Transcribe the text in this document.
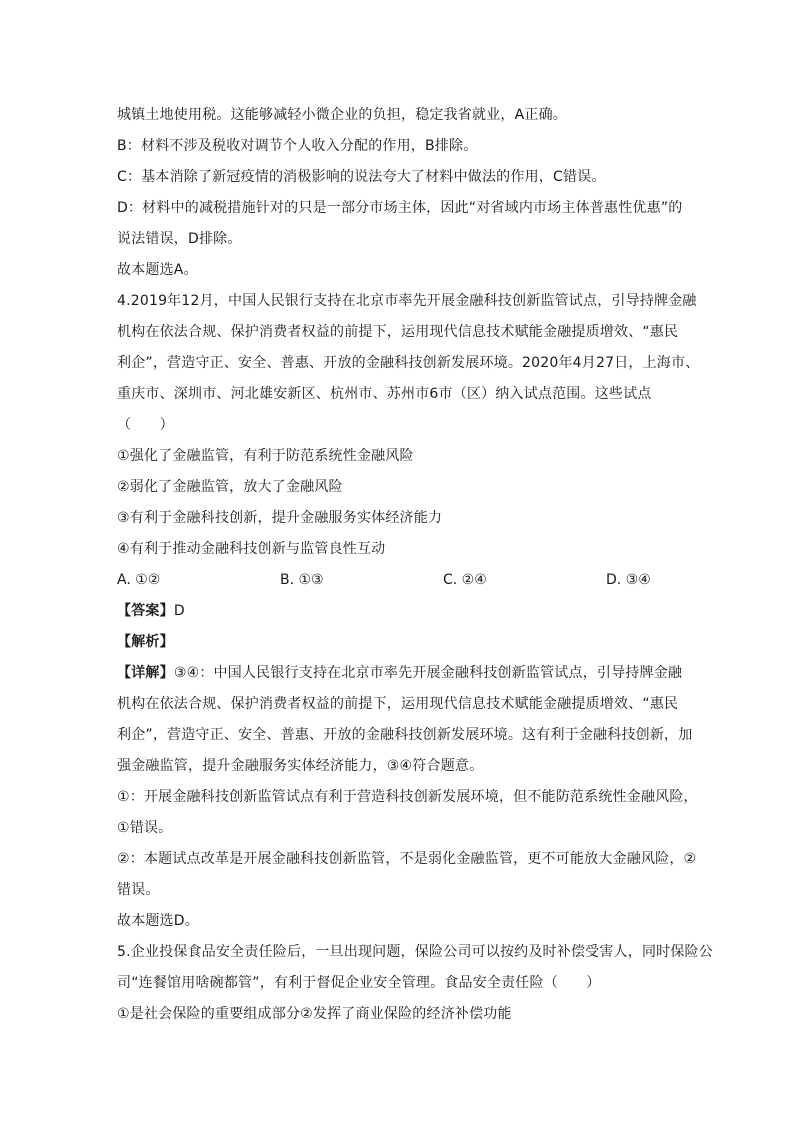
城镇土地使用税。这能够减轻小微企业的负担，稳定我省就业，A正确。
B：材料不涉及税收对调节个人收入分配的作用，B排除。
C：基本消除了新冠疫情的消极影响的说法夸大了材料中做法的作用，C错误。
D：材料中的减税措施针对的只是一部分市场主体，因此“对省域内市场主体普惠性优惠”的
说法错误，D排除。
故本题选A。
4.2019年12月，中国人民银行支持在北京市率先开展金融科技创新监管试点，引导持牌金融
机构在依法合规、保护消费者权益的前提下，运用现代信息技术赋能金融提质增效、“惠民
利企”，营造守正、安全、普惠、开放的金融科技创新发展环境。2020年4月27日，上海市、
重庆市、深圳市、河北雄安新区、杭州市、苏州市6市（区）纳入试点范围。这些试点
（　　）
①强化了金融监管，有利于防范系统性金融风险
②弱化了金融监管，放大了金融风险
③有利于金融科技创新，提升金融服务实体经济能力
④有利于推动金融科技创新与监管良性互动
A. ①②	B. ①③	C. ②④	D. ③④
【答案】D
【解析】
【详解】③④：中国人民银行支持在北京市率先开展金融科技创新监管试点，引导持牌金融
机构在依法合规、保护消费者权益的前提下，运用现代信息技术赋能金融提质增效、“惠民
利企”，营造守正、安全、普惠、开放的金融科技创新发展环境。这有利于金融科技创新，加
强金融监管，提升金融服务实体经济能力，③④符合题意。
①：开展金融科技创新监管试点有利于营造科技创新发展环境，但不能防范系统性金融风险，
①错误。
②：本题试点改革是开展金融科技创新监管，不是弱化金融监管，更不可能放大金融风险，②
错误。
故本题选D。
5.企业投保食品安全责任险后，一旦出现问题，保险公司可以按约及时补偿受害人，同时保险公
司“连餐馆用啥碗都管”，有利于督促企业安全管理。食品安全责任险（　　）
①是社会保险的重要组成部分②发挥了商业保险的经济补偿功能
